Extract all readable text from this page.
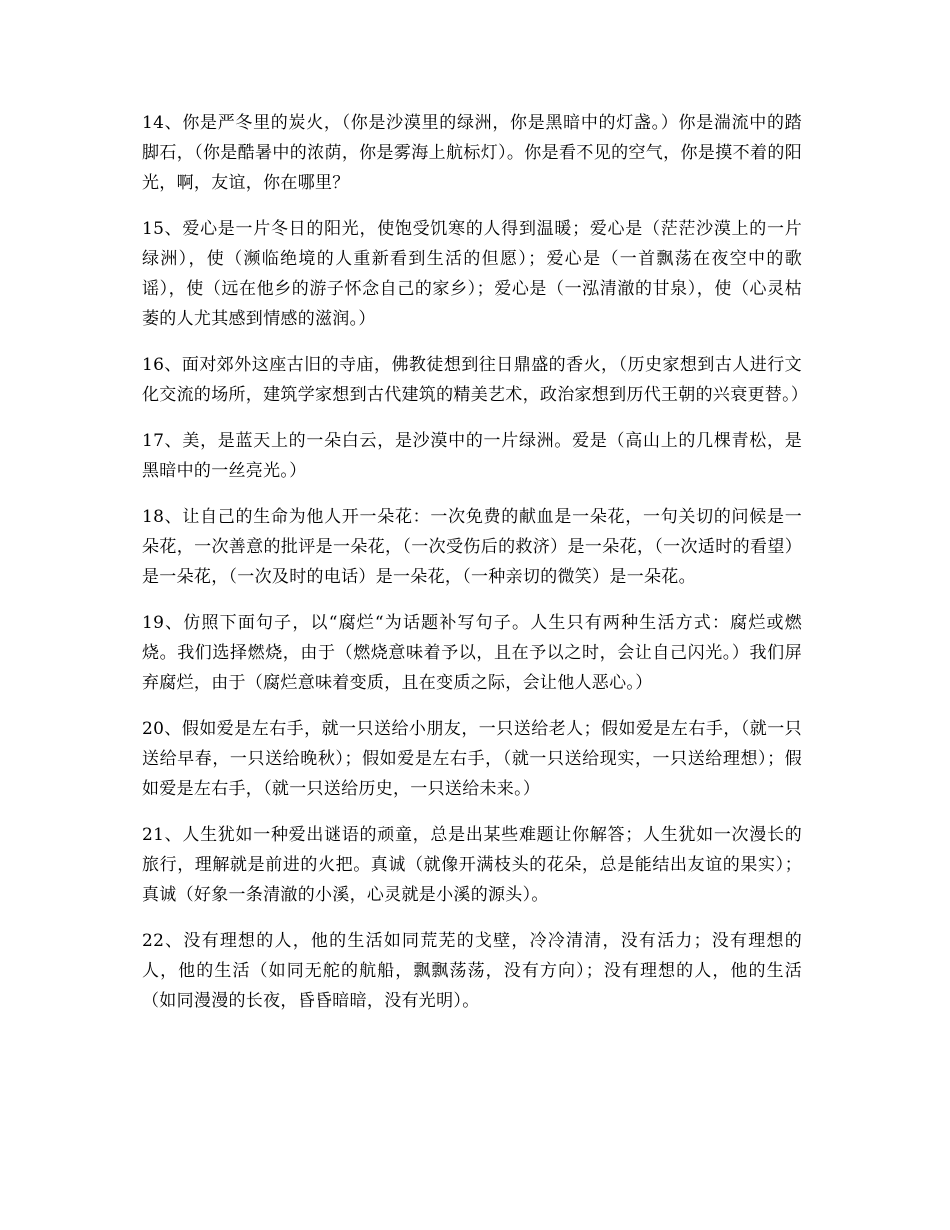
14、你是严冬里的炭火，（你是沙漠里的绿洲，你是黑暗中的灯盏。）你是湍流中的踏脚石，（你是酷暑中的浓荫，你是雾海上航标灯）。你是看不见的空气，你是摸不着的阳光，啊，友谊，你在哪里？

15、爱心是一片冬日的阳光，使饱受饥寒的人得到温暖；爱心是（茫茫沙漠上的一片绿洲），使（濒临绝境的人重新看到生活的但愿）；爱心是（一首飘荡在夜空中的歌谣），使（远在他乡的游子怀念自己的家乡）；爱心是（一泓清澈的甘泉），使（心灵枯萎的人尤其感到情感的滋润。）

16、面对郊外这座古旧的寺庙，佛教徒想到往日鼎盛的香火，（历史家想到古人进行文化交流的场所，建筑学家想到古代建筑的精美艺术，政治家想到历代王朝的兴衰更替。）

17、美，是蓝天上的一朵白云，是沙漠中的一片绿洲。爱是（高山上的几棵青松，是黑暗中的一丝亮光。）

18、让自己的生命为他人开一朵花：一次免费的献血是一朵花，一句关切的问候是一朵花，一次善意的批评是一朵花，（一次受伤后的救济）是一朵花，（一次适时的看望）是一朵花，（一次及时的电话）是一朵花，（一种亲切的微笑）是一朵花。

19、仿照下面句子，以“腐烂“为话题补写句子。人生只有两种生活方式：腐烂或燃烧。我们选择燃烧，由于（燃烧意味着予以，且在予以之时，会让自己闪光。）我们屏弃腐烂，由于（腐烂意味着变质，且在变质之际，会让他人恶心。）

20、假如爱是左右手，就一只送给小朋友，一只送给老人；假如爱是左右手，（就一只送给早春，一只送给晚秋）；假如爱是左右手，（就一只送给现实，一只送给理想）；假如爱是左右手，（就一只送给历史，一只送给未来。）

21、人生犹如一种爱出谜语的顽童，总是出某些难题让你解答；人生犹如一次漫长的旅行，理解就是前进的火把。真诚（就像开满枝头的花朵，总是能结出友谊的果实）；真诚（好象一条清澈的小溪，心灵就是小溪的源头）。

22、没有理想的人，他的生活如同荒芜的戈壁，冷冷清清，没有活力；没有理想的人，他的生活（如同无舵的航船，飘飘荡荡，没有方向）；没有理想的人，他的生活（如同漫漫的长夜，昏昏暗暗，没有光明）。
